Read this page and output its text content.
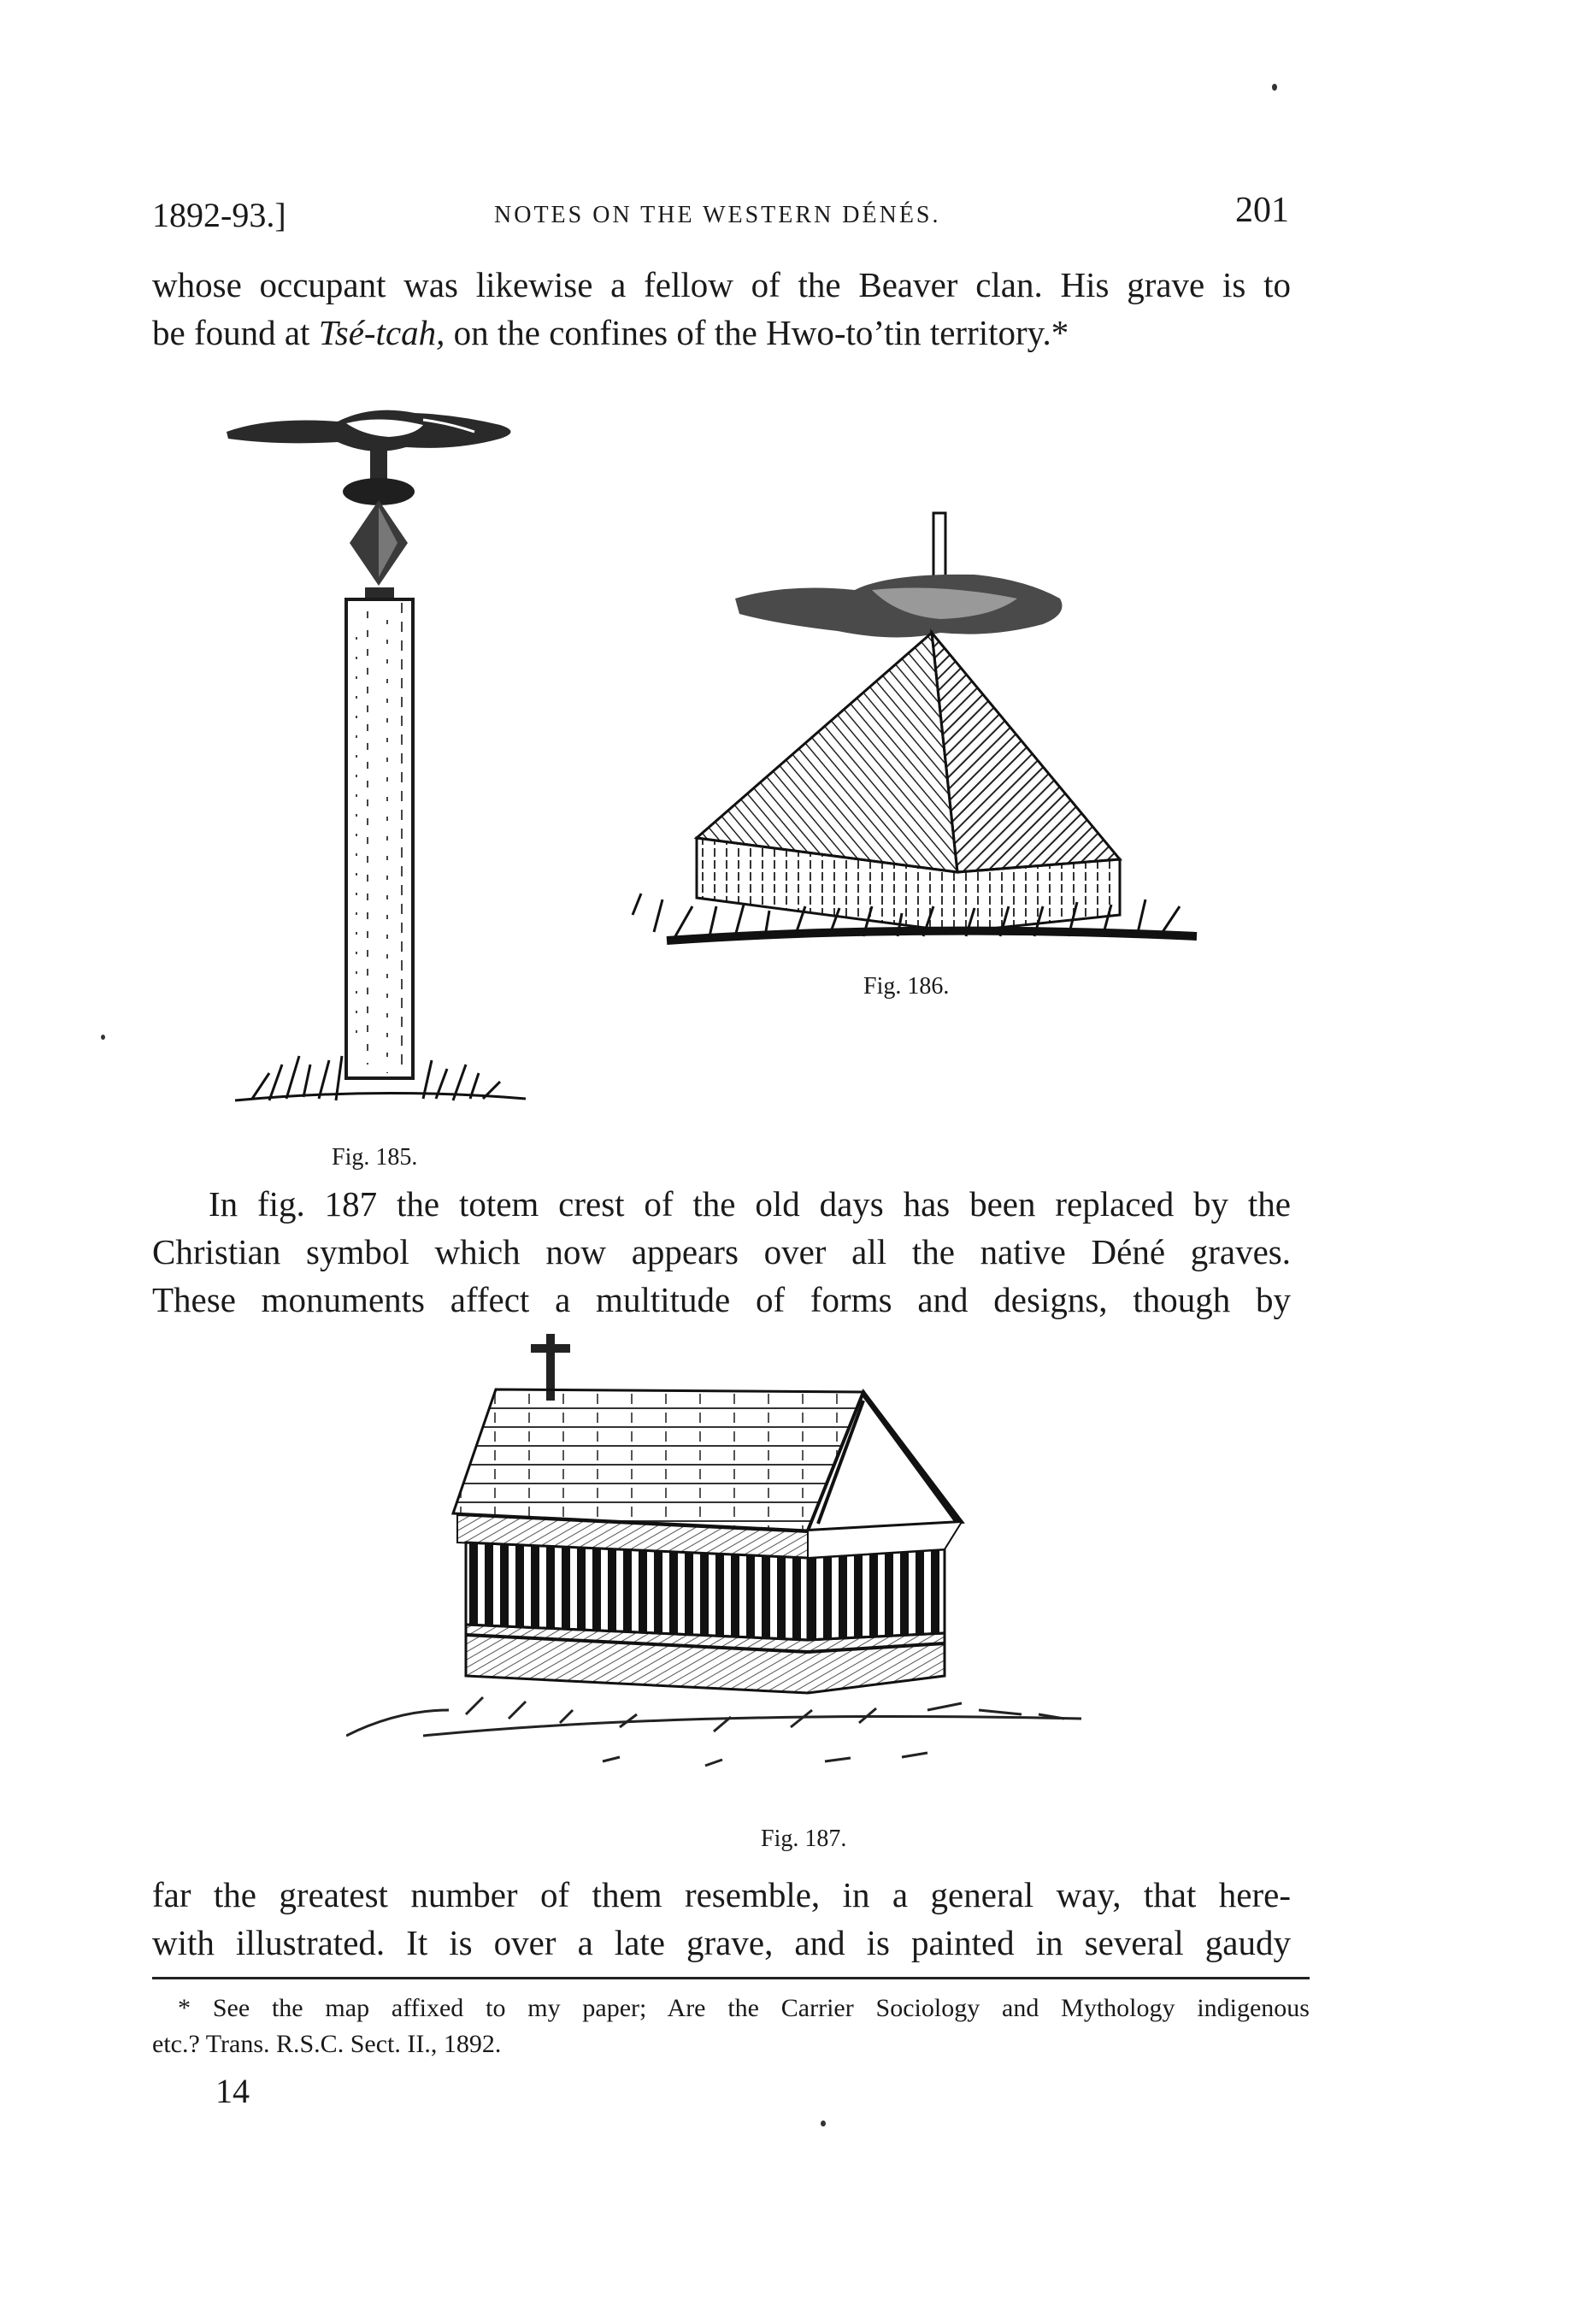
1892-93.]	NOTES ON THE WESTERN DÉNÉS.	201
whose occupant was likewise a fellow of the Beaver clan. His grave is to
be found at Tsé-tcah, on the confines of the Hwo-to’tin territory.*
Fig. 185.
Fig. 186.
In fig. 187 the totem crest of the old days has been replaced by the
Christian symbol which now appears over all the native Déné graves.
These monuments affect a multitude of forms and designs, though by
Fig. 187.
far the greatest number of them resemble, in a general way, that here-
with illustrated. It is over a late grave, and is painted in several gaudy
* See the map affixed to my paper; Are the Carrier Sociology and Mythology indigenous
etc.? Trans. R.S.C. Sect. II., 1892.
14
